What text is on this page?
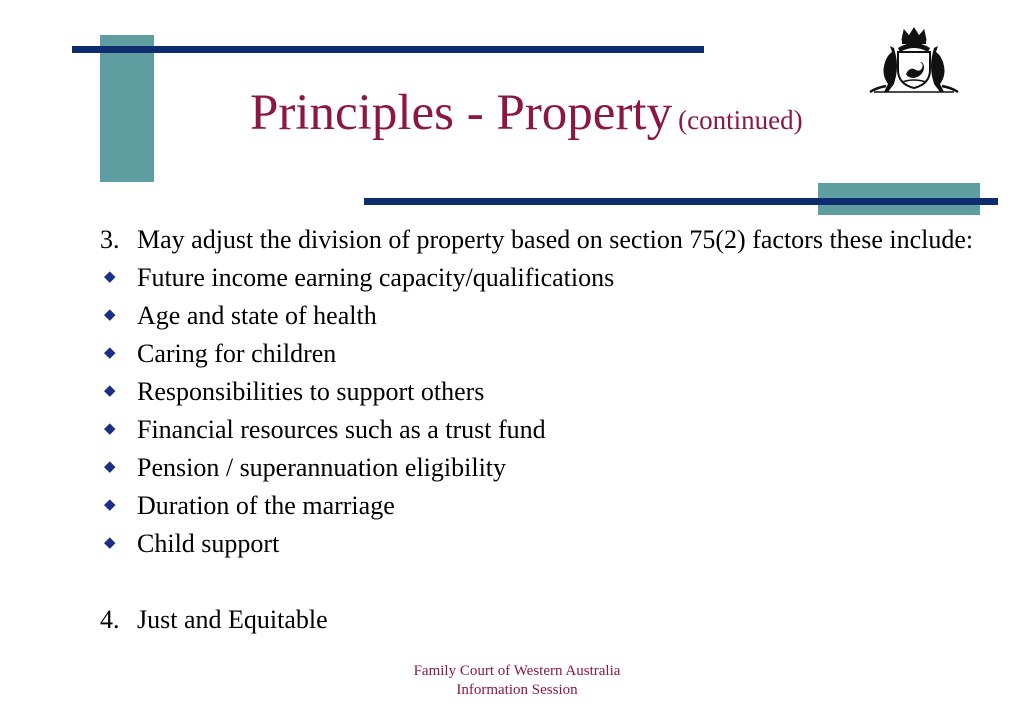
Principles - Property (continued)
3. May adjust the division of property based on section 75(2) factors these include:
◆ Future income earning capacity/qualifications
◆ Age and state of health
◆ Caring for children
◆ Responsibilities to support others
◆ Financial resources such as a trust fund
◆ Pension / superannuation eligibility
◆ Duration of the marriage
◆ Child support
4. Just and Equitable
Family Court of Western Australia
Information Session
